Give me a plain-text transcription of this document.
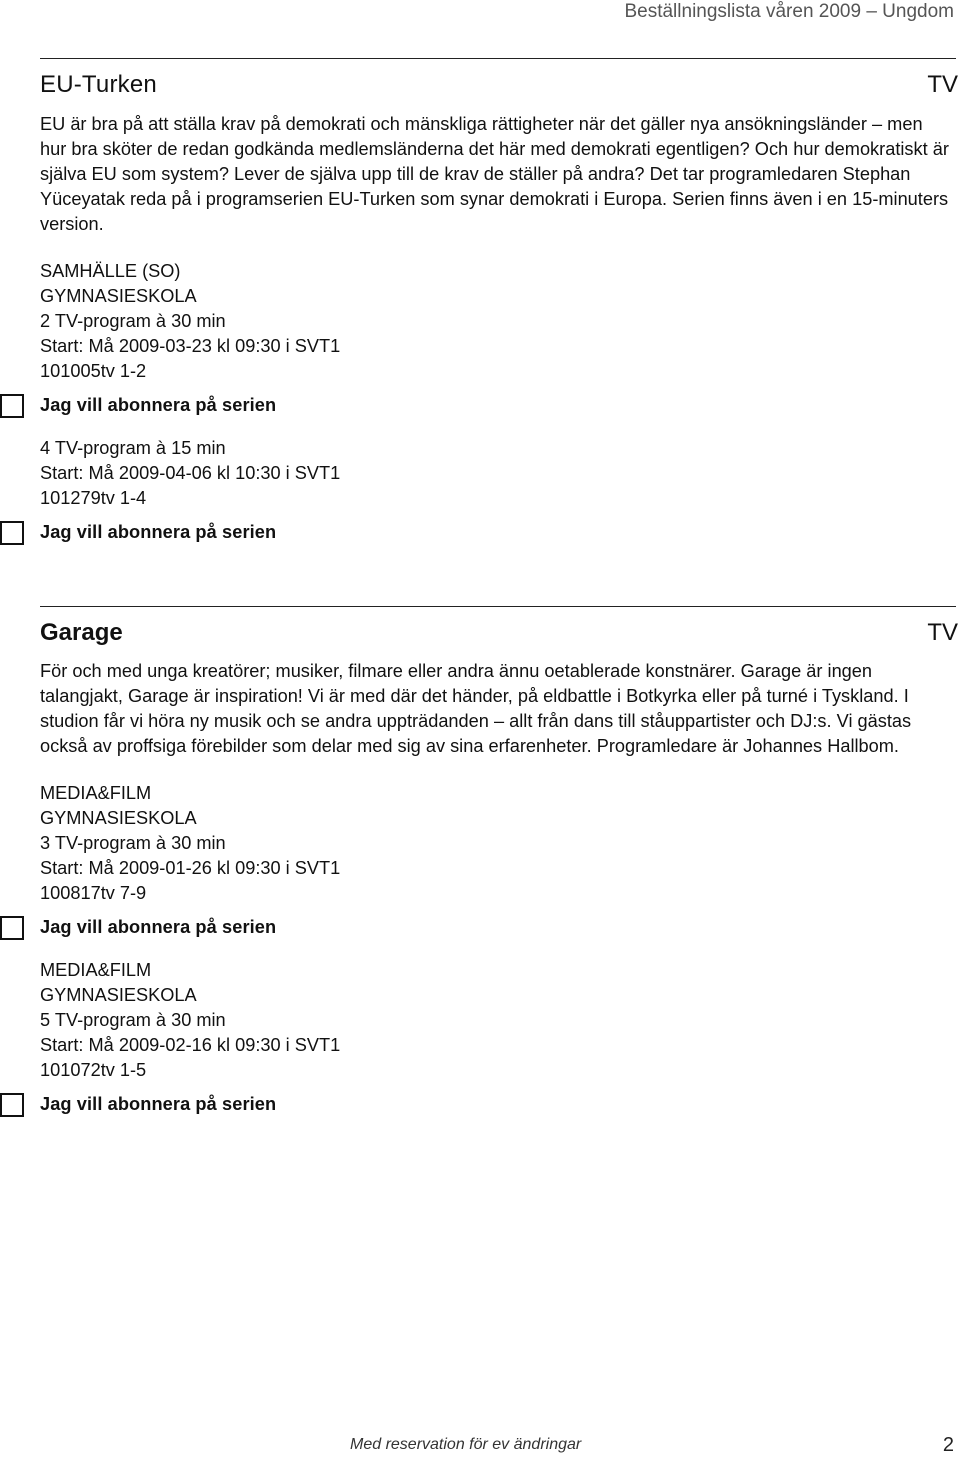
Beställningslista våren 2009 – Ungdom
EU-Turken	TV

EU är bra på att ställa krav på demokrati och mänskliga rättigheter när det gäller nya ansökningsländer – men hur bra sköter de redan godkända medlemsländerna det här med demokrati egentligen? Och hur demokratiskt är själva EU som system? Lever de själva upp till de krav de ställer på andra? Det tar programledaren Stephan Yüceyatak reda på i programserien EU-Turken som synar demokrati i Europa. Serien finns även i en 15-minuters version.

SAMHÄLLE (SO)
GYMNASIESKOLA
2 TV-program à 30 min
Start: Må 2009-03-23 kl 09:30 i SVT1
101005tv 1-2
Jag vill abonnera på serien
4 TV-program à 15 min
Start: Må 2009-04-06 kl 10:30 i SVT1
101279tv 1-4
Jag vill abonnera på serien
Garage	TV

För och med unga kreatörer; musiker, filmare eller andra ännu oetablerade konstnärer. Garage är ingen talangjakt, Garage är inspiration! Vi är med där det händer, på eldbattle i Botkyrka eller på turné i Tyskland. I studion får vi höra ny musik och se andra uppträdanden – allt från dans till ståuppartister och DJ:s. Vi gästas också av proffsiga förebilder som delar med sig av sina erfarenheter. Programledare är Johannes Hallbom.

MEDIA&FILM
GYMNASIESKOLA
3 TV-program à 30 min
Start: Må 2009-01-26 kl 09:30 i SVT1
100817tv 7-9
Jag vill abonnera på serien
MEDIA&FILM
GYMNASIESKOLA
5 TV-program à 30 min
Start: Må 2009-02-16 kl 09:30 i SVT1
101072tv 1-5
Jag vill abonnera på serien
Med reservation för ev ändringar	2
